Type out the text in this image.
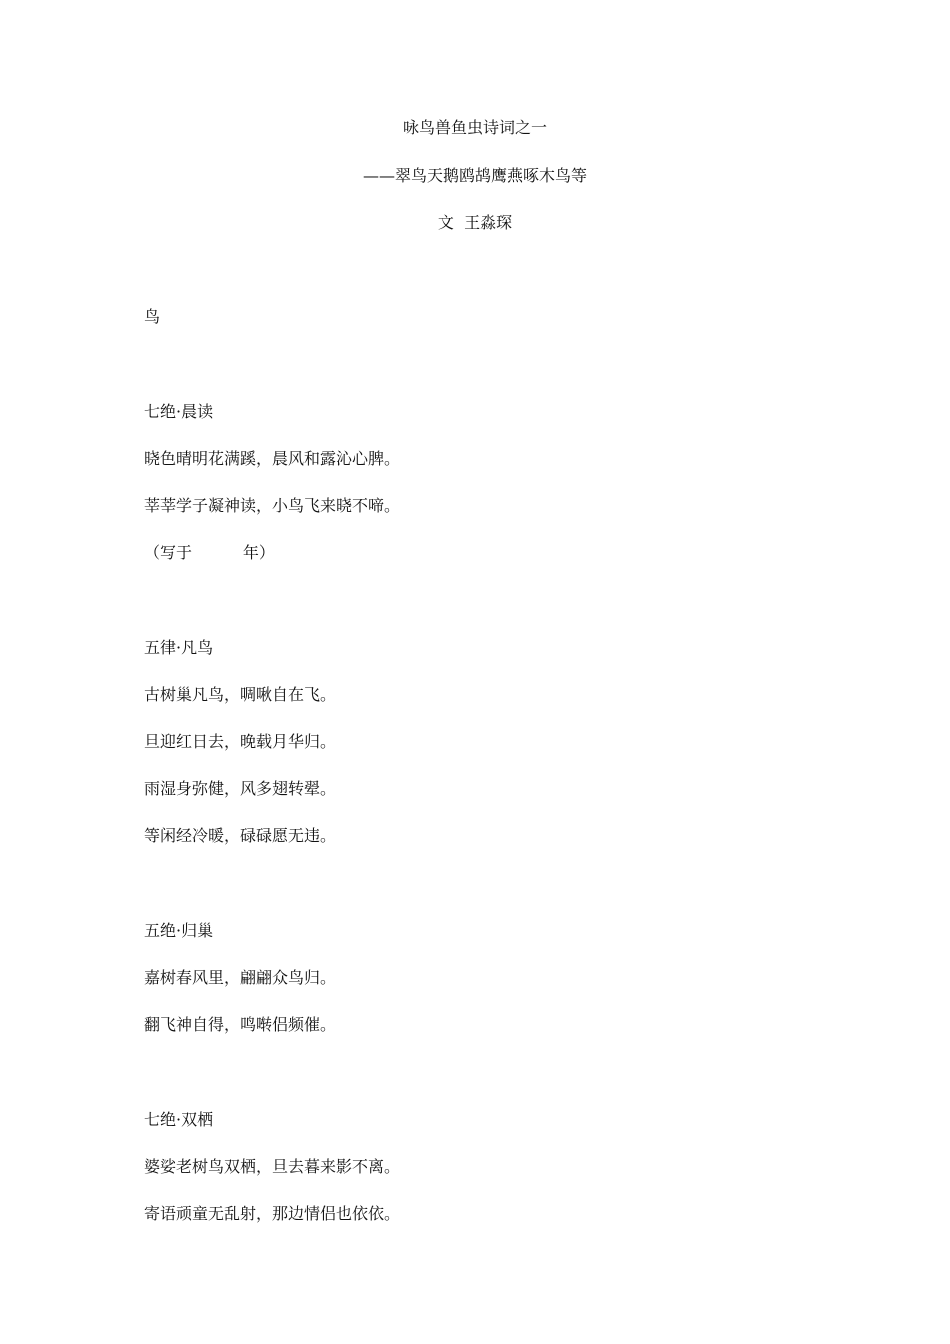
咏鸟兽鱼虫诗词之一
——翠鸟天鹅鸥鸪鹰燕啄木鸟等
文  王淼琛
鸟
七绝·晨读
晓色晴明花满蹊，晨风和露沁心脾。
莘莘学子凝神读，小鸟飞来晓不啼。
（写于          年）
五律·凡鸟
古树巢凡鸟，啁啾自在飞。
旦迎红日去，晚载月华归。
雨湿身弥健，风多翅转翚。
等闲经冷暖，碌碌愿无违。
五绝·归巢
嘉树春风里，翩翩众鸟归。
翻飞神自得，鸣啭侣频催。
七绝·双栖
婆娑老树鸟双栖，旦去暮来影不离。
寄语顽童无乱射，那边情侣也依依。
